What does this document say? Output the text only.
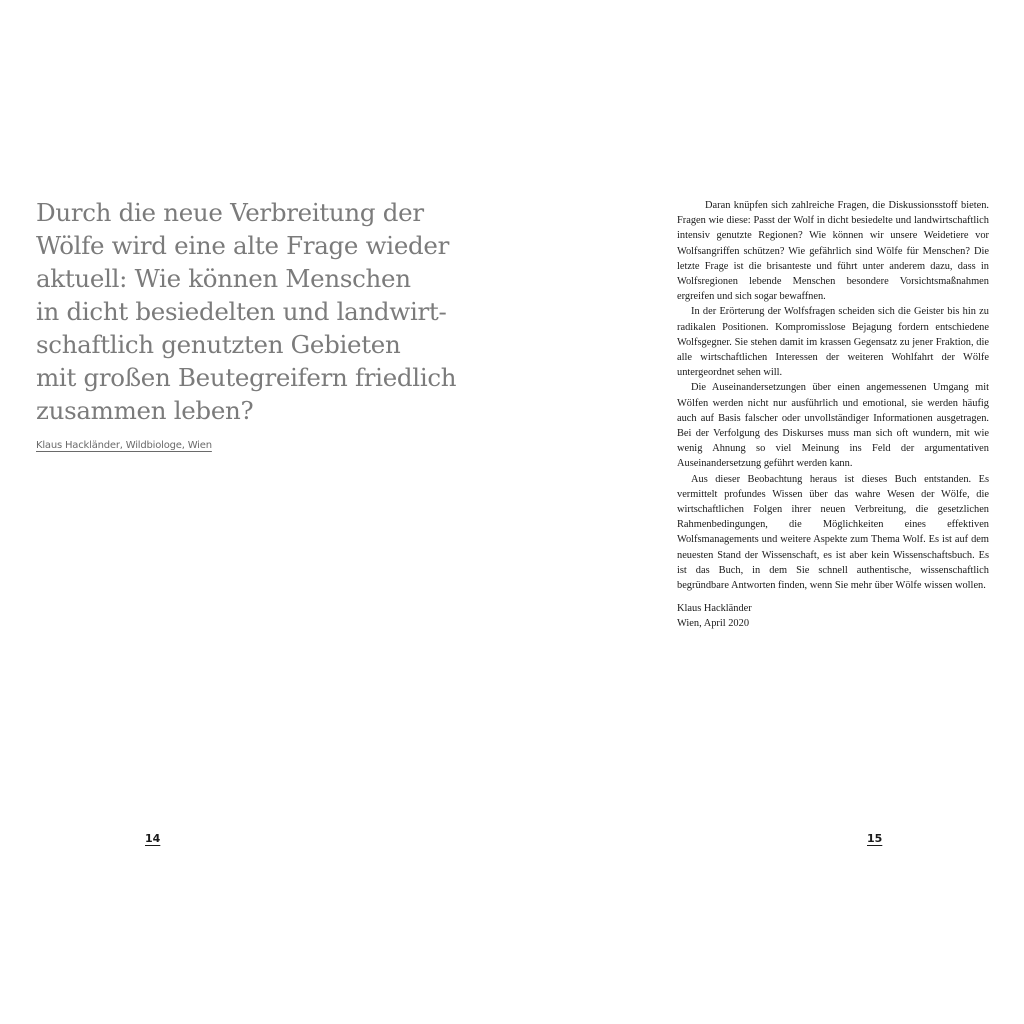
Durch die neue Verbreitung der
Wölfe wird eine alte Frage wieder
aktuell: Wie können Menschen
in dicht besiedelten und landwirt-
schaftlich genutzten Gebieten
mit großen Beutegreifern friedlich
zusammen leben?

Klaus Hackländer, Wildbiologe, Wien
14

Daran knüpfen sich zahlreiche Fragen, die Diskussionsstoff bieten. Fragen wie diese: Passt der Wolf in dicht besiedelte und landwirtschaftlich intensiv genutzte Regionen? Wie können wir unsere Weidetiere vor Wolfsangriffen schützen? Wie gefährlich sind Wölfe für Menschen? Die letzte Frage ist die brisanteste und führt unter anderem dazu, dass in Wolfsregionen lebende Menschen besondere Vorsichtsmaßnahmen ergreifen und sich sogar bewaffnen.

In der Erörterung der Wolfsfragen scheiden sich die Geister bis hin zu radikalen Positionen. Kompromisslose Bejagung fordern entschiedene Wolfsgegner. Sie stehen damit im krassen Gegensatz zu jener Fraktion, die alle wirtschaftlichen Interessen der weiteren Wohlfahrt der Wölfe untergeordnet sehen will.

Die Auseinandersetzungen über einen angemessenen Umgang mit Wölfen werden nicht nur ausführlich und emotional, sie werden häufig auch auf Basis falscher oder unvollständiger Informationen ausgetragen. Bei der Verfolgung des Diskurses muss man sich oft wundern, mit wie wenig Ahnung so viel Meinung ins Feld der argumentativen Auseinandersetzung geführt werden kann.

Aus dieser Beobachtung heraus ist dieses Buch entstanden. Es vermittelt profundes Wissen über das wahre Wesen der Wölfe, die wirtschaftlichen Folgen ihrer neuen Verbreitung, die gesetzlichen Rahmenbedingungen, die Möglichkeiten eines effektiven Wolfsmanagements und weitere Aspekte zum Thema Wolf. Es ist auf dem neuesten Stand der Wissenschaft, es ist aber kein Wissenschaftsbuch. Es ist das Buch, in dem Sie schnell authentische, wissenschaftlich begründbare Antworten finden, wenn Sie mehr über Wölfe wissen wollen.

Klaus Hackländer
Wien, April 2020
15
